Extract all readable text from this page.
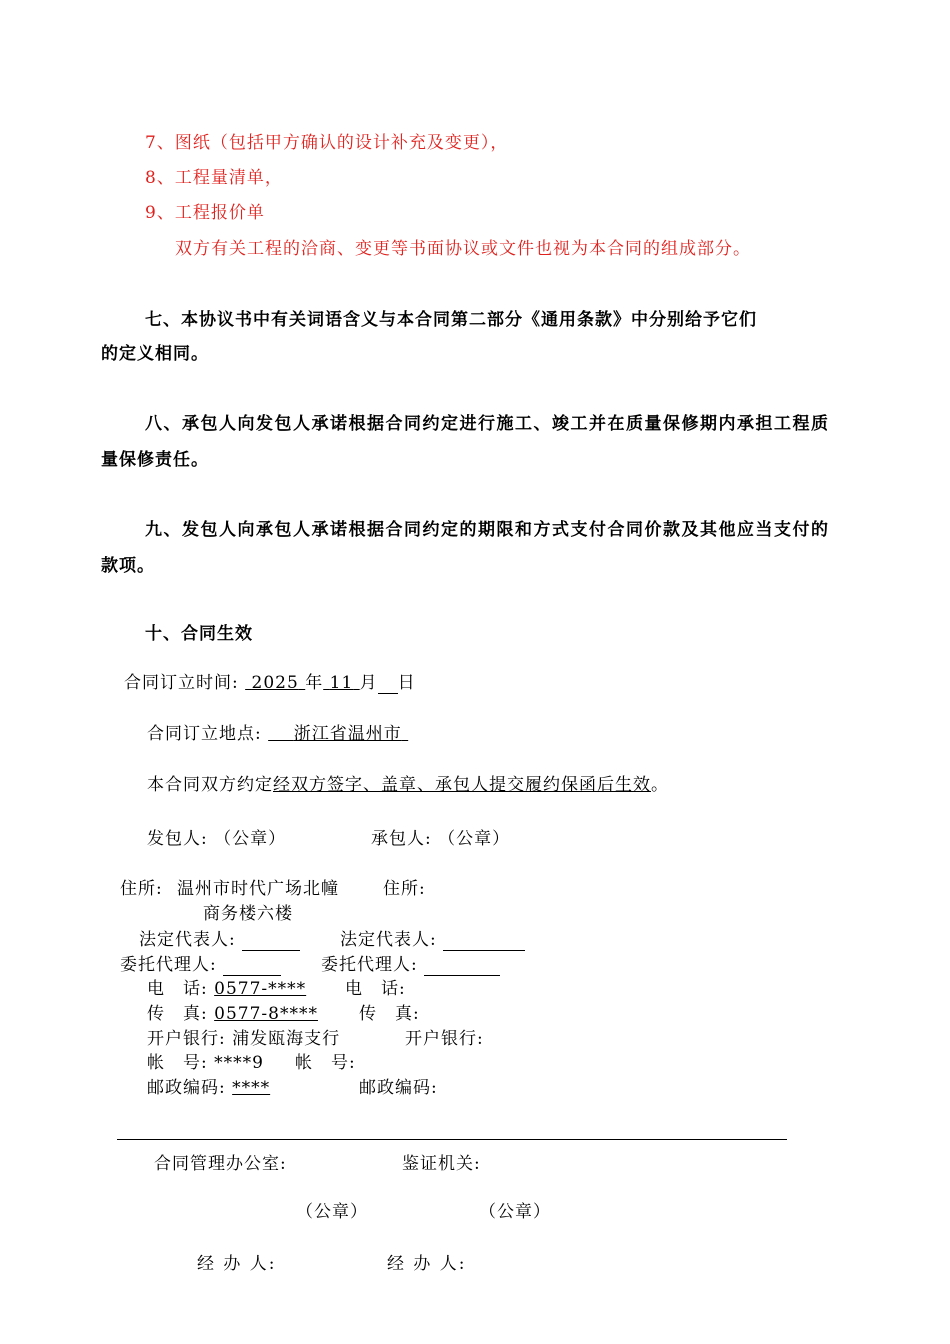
7、图纸（包括甲方确认的设计补充及变更），
8、工程量清单，
9、工程报价单
双方有关工程的洽商、变更等书面协议或文件也视为本合同的组成部分。
七、本协议书中有关词语含义与本合同第二部分《通用条款》中分别给予它们
的定义相同。
八、承包人向发包人承诺根据合同约定进行施工、竣工并在质量保修期内承担工程质
量保修责任。
九、发包人向承包人承诺根据合同约定的期限和方式支付合同价款及其他应当支付的
款项。
十、合同生效
合同订立时间:  2025 年 11 月 日
合同订立地点:     浙江省温州市
本合同双方约定经双方签字、盖章、承包人提交履约保函后生效。
发包人: （公章）	承包人: （公章）
住所: 温州市时代广场北幢	住所:
商务楼六楼
法定代表人:	法定代表人:
委托代理人:	委托代理人:
电　话: 0577-**** 电　话:
传　真: 0577-8**** 传　真:
开户银行: 浦发瓯海支行	开户银行:
帐　号: ****9 帐　号:
邮政编码: ****	邮政编码:
合同管理办公室:	鉴证机关:
（公章）	（公章）
经 办 人:	经 办 人:
